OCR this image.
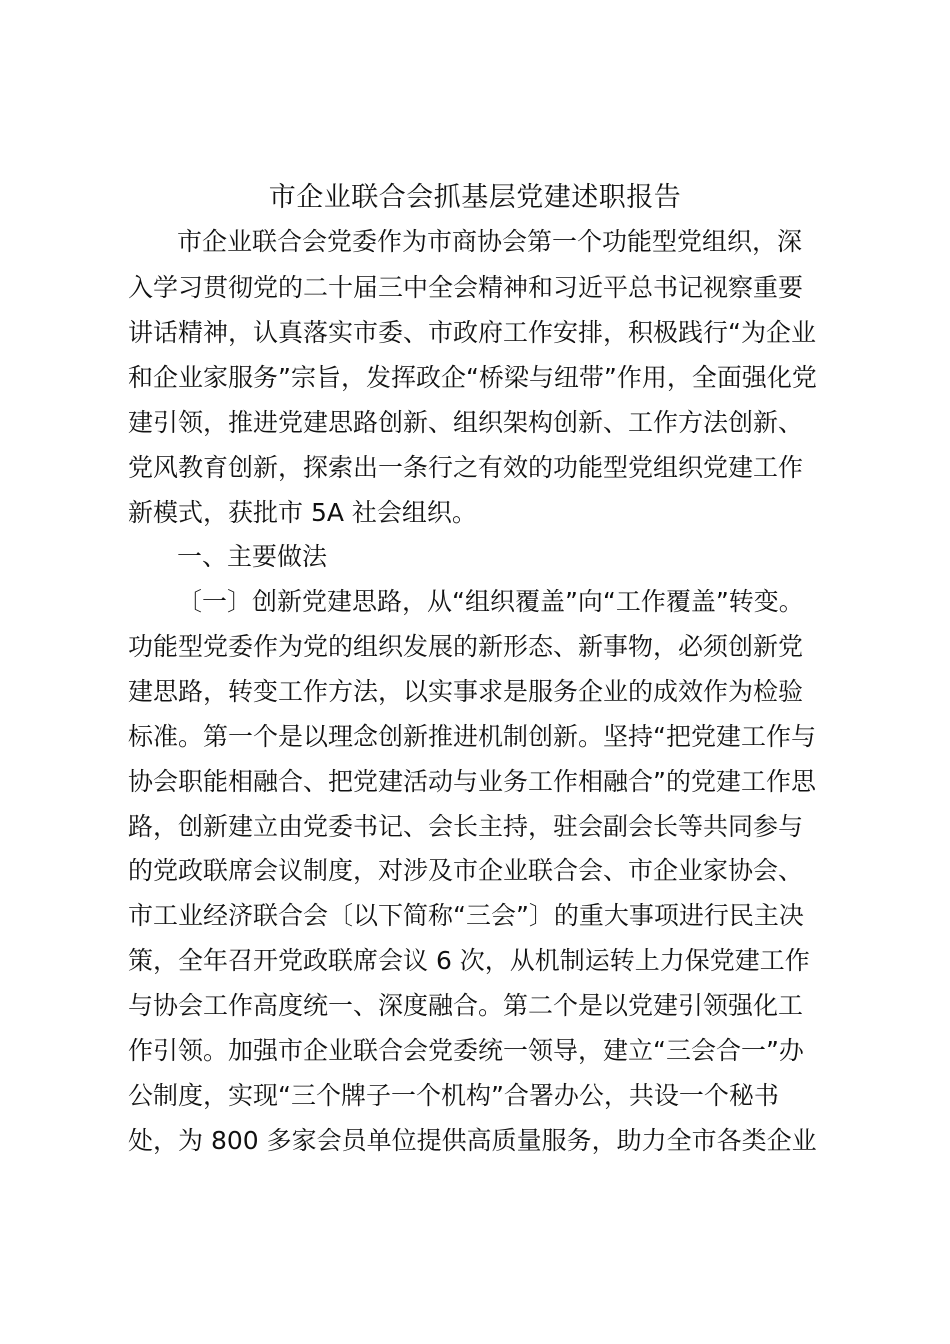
市企业联合会抓基层党建述职报告

市企业联合会党委作为市商协会第一个功能型党组织，深

入学习贯彻党的二十届三中全会精神和习近平总书记视察重要

讲话精神，认真落实市委、市政府工作安排，积极践行“为企业

和企业家服务”宗旨，发挥政企“桥梁与纽带”作用，全面强化党

建引领，推进党建思路创新、组织架构创新、工作方法创新、

党风教育创新，探索出一条行之有效的功能型党组织党建工作

新模式，获批市 5A 社会组织。

一、主要做法

〔一〕创新党建思路，从“组织覆盖”向“工作覆盖”转变。

功能型党委作为党的组织发展的新形态、新事物，必须创新党

建思路，转变工作方法，以实事求是服务企业的成效作为检验

标准。第一个是以理念创新推进机制创新。坚持“把党建工作与

协会职能相融合、把党建活动与业务工作相融合”的党建工作思

路，创新建立由党委书记、会长主持，驻会副会长等共同参与

的党政联席会议制度，对涉及市企业联合会、市企业家协会、

市工业经济联合会〔以下简称“三会”〕的重大事项进行民主决

策，全年召开党政联席会议 6 次，从机制运转上力保党建工作

与协会工作高度统一、深度融合。第二个是以党建引领强化工

作引领。加强市企业联合会党委统一领导，建立“三会合一”办

公制度，实现“三个牌子一个机构”合署办公，共设一个秘书

处，为 800 多家会员单位提供高质量服务，助力全市各类企业
